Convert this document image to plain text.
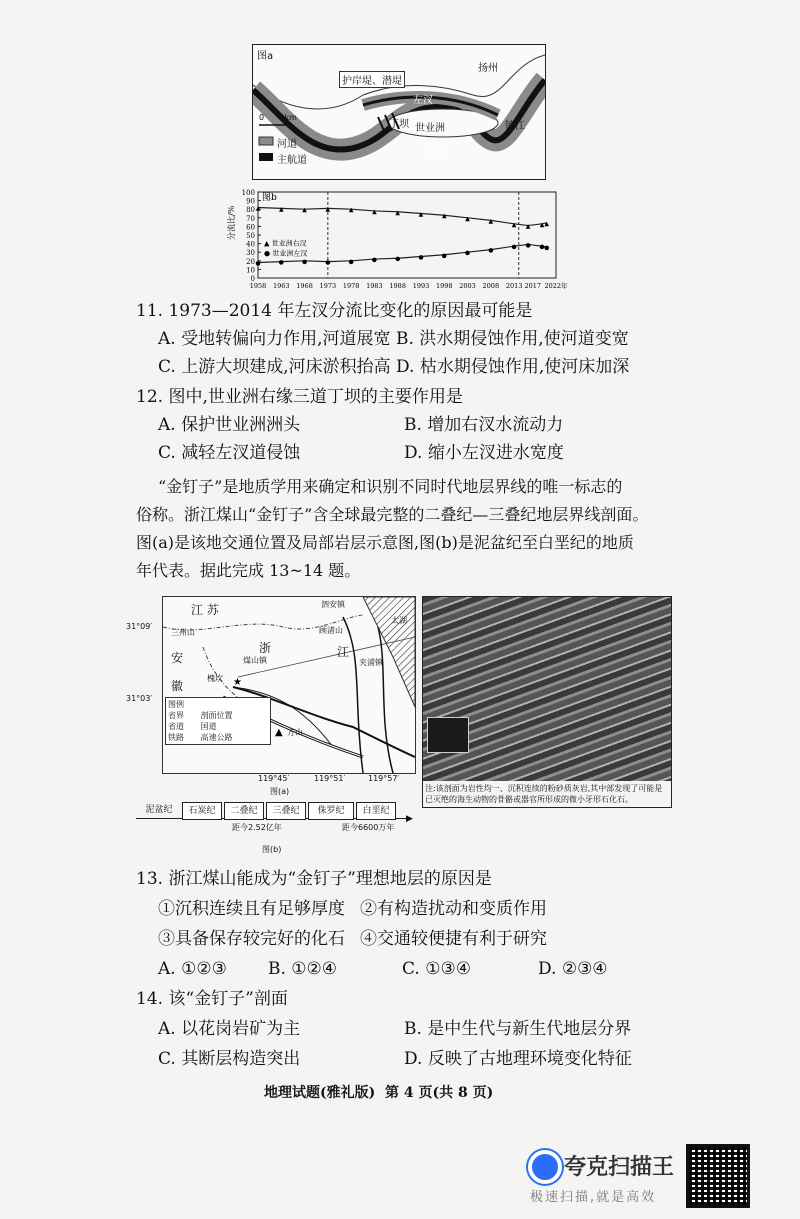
图a
扬州
护岸堤、潜堤
左汊
丁坝 世业洲	镇江
右汊
0      4km
河道
主航道
图b
分流比/%
100
90
80
70
60
50
40
30
20
10
0
1958 1963 1968 1973 1978 1983 1988 1993 1998 2003 2008 2013 2017 2022年
▲	▲	▲	▲	▲	▲	▲	▲	▲	▲	▲	▲ ▲ ▲ ▲
▲ 世业洲右汊
●	●	●	●	●	●	●	●	●	●	●	● ● ● ●
● 世业洲左汊
11. 1973—2014 年左汊分流比变化的原因最可能是
A. 受地转偏向力作用,河道展宽 B. 洪水期侵蚀作用,使河道变宽
C. 上游大坝建成,河床淤积抬高 D. 枯水期侵蚀作用,使河床加深
12. 图中,世业洲右缘三道丁坝的主要作用是
A. 保护世业洲洲头	B. 增加右汊水流动力
C. 减轻左汊道侵蚀	D. 缩小左汊进水宽度
“金钉子”是地质学用来确定和识别不同时代地层界线的唯一标志的
俗称。浙江煤山“金钉子”含全球最完整的二叠纪—三叠纪地层界线剖面。
图(a)是该地交通位置及局部岩层示意图,图(b)是泥盆纪至白垩纪的地质
年代表。据此完成 13~14 题。
★
▲
江 苏	泗安镇
太湖
三州山	顾渚山
浙	江
安	煤山镇	夹浦镇
徽
槐坎
方山
图例
省界 剖面位置
省道 国道
铁路 高速公路
31°09′
31°03′
119°45′	119°51′	119°57′
图(a)	注:该剖面为岩性均一、沉积连续的粉砂质灰岩,其中部发现了可能是已灭绝的海生动物的骨骼或器官所形成的微小牙形石化石。
▶
泥盆纪	石炭纪	二叠纪	三叠纪	侏罗纪	白垩纪
距今2.52亿年	距今6600万年
图(b)
13. 浙江煤山能成为“金钉子”理想地层的原因是
①沉积连续且有足够厚度 ②有构造扰动和变质作用
③具备保存较完好的化石 ④交通较便捷有利于研究
A. ①②③ B. ①②④	C. ①③④	D. ②③④
14. 该“金钉子”剖面
A. 以花岗岩矿为主	B. 是中生代与新生代地层分界
C. 其断层构造突出	D. 反映了古地理环境变化特征
地理试题(雅礼版)  第 4 页(共 8 页)
夸克扫描王
极速扫描,就是高效
